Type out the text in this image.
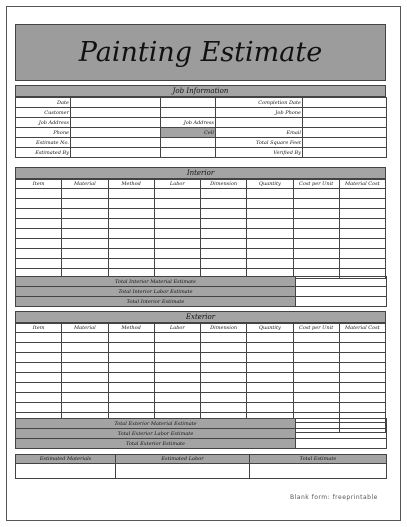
Painting Estimate
Job Information
Date			Completion Date	
Customer			Job Phone	
Job Address		Job Address		
Phone		Cell	Email	
Estimate No.			Total Square Feet	
Estimated By			Verified By	
Interior
Item	Material	Method	Labor	Dimension	Quantity	Cost per Unit	Material Cost

Total Interior Material Estimate	
Total Interior Labor Estimate	
Total Interior Estimate	
Exterior
Item	Material	Method	Labor	Dimension	Quantity	Cost per Unit	Material Cost

Total Exterior Material Estimate	
Total Exterior Labor Estimate	
Total Exterior Estimate	
Estimated Materials	Estimated Labor	Total Estimate

Blank form: freeprintable
